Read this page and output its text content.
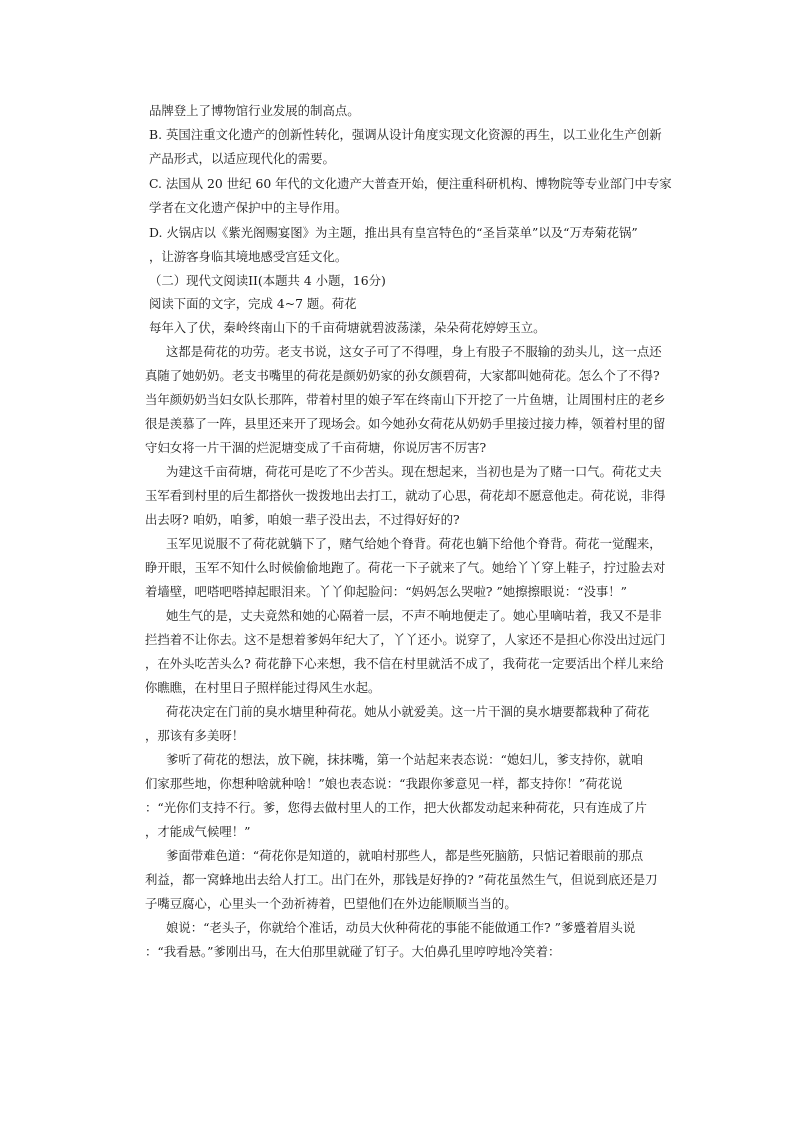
品牌登上了博物馆行业发展的制高点。
B. 英国注重文化遗产的创新性转化，强调从设计角度实现文化资源的再生，以工业化生产创新
产品形式，以适应现代化的需要。
C. 法国从 20 世纪 60 年代的文化遗产大普查开始，便注重科研机构、博物院等专业部门中专家
学者在文化遗产保护中的主导作用。
D. 火锅店以《紫光阁赐宴图》为主题，推出具有皇宫特色的“圣旨菜单”以及“万寿菊花锅”
，让游客身临其境地感受宫廷文化。
（二）现代文阅读II(本题共 4 小题，16分)
阅读下面的文字，完成 4~7 题。荷花
每年入了伏，秦岭终南山下的千亩荷塘就碧波荡漾，朵朵荷花婷婷玉立。
这都是荷花的功劳。老支书说，这女子可了不得哩，身上有股子不服输的劲头儿，这一点还
真随了她奶奶。老支书嘴里的荷花是颜奶奶家的孙女颜碧荷，大家都叫她荷花。怎么个了不得?
当年颜奶奶当妇女队长那阵，带着村里的娘子军在终南山下开挖了一片鱼塘，让周围村庄的老乡
很是羡慕了一阵，县里还来开了现场会。如今她孙女荷花从奶奶手里接过接力棒，领着村里的留
守妇女将一片干涸的烂泥塘变成了千亩荷塘，你说厉害不厉害?
为建这千亩荷塘，荷花可是吃了不少苦头。现在想起来，当初也是为了赌一口气。荷花丈夫
玉军看到村里的后生都搭伙一拨拨地出去打工，就动了心思，荷花却不愿意他走。荷花说，非得
出去呀? 咱奶，咱爹，咱娘一辈子没出去，不过得好好的?
玉军见说服不了荷花就躺下了，赌气给她个脊背。荷花也躺下给他个脊背。荷花一觉醒来，
睁开眼，玉军不知什么时候偷偷地跑了。荷花一下子就来了气。她给丫丫穿上鞋子，拧过脸去对
着墙壁，吧嗒吧嗒掉起眼泪来。丫丫仰起脸问：“妈妈怎么哭啦? ”她擦擦眼说：“没事！”
她生气的是，丈夫竟然和她的心隔着一层，不声不响地便走了。她心里嘀咕着，我又不是非
拦挡着不让你去。这不是想着爹妈年纪大了，丫丫还小。说穿了，人家还不是担心你没出过远门
，在外头吃苦头么? 荷花静下心来想，我不信在村里就活不成了，我荷花一定要活出个样儿来给
你瞧瞧，在村里日子照样能过得风生水起。
荷花决定在门前的臭水塘里种荷花。她从小就爱美。这一片干涸的臭水塘要都栽种了荷花
，那该有多美呀！
爹听了荷花的想法，放下碗，抹抹嘴，第一个站起来表态说：“媳妇儿，爹支持你，就咱
们家那些地，你想种啥就种啥！”娘也表态说：“我跟你爹意见一样，都支持你！”荷花说
：“光你们支持不行。爹，您得去做村里人的工作，把大伙都发动起来种荷花，只有连成了片
，才能成气候哩！”
爹面带难色道：“荷花你是知道的，就咱村那些人，都是些死脑筋，只惦记着眼前的那点
利益，都一窝蜂地出去给人打工。出门在外，那钱是好挣的? ”荷花虽然生气，但说到底还是刀
子嘴豆腐心，心里头一个劲祈祷着，巴望他们在外边能顺顺当当的。
娘说：“老头子，你就给个准话，动员大伙种荷花的事能不能做通工作? ”爹蹙着眉头说
：“我看悬。”爹刚出马，在大伯那里就碰了钉子。大伯鼻孔里哼哼地冷笑着：
